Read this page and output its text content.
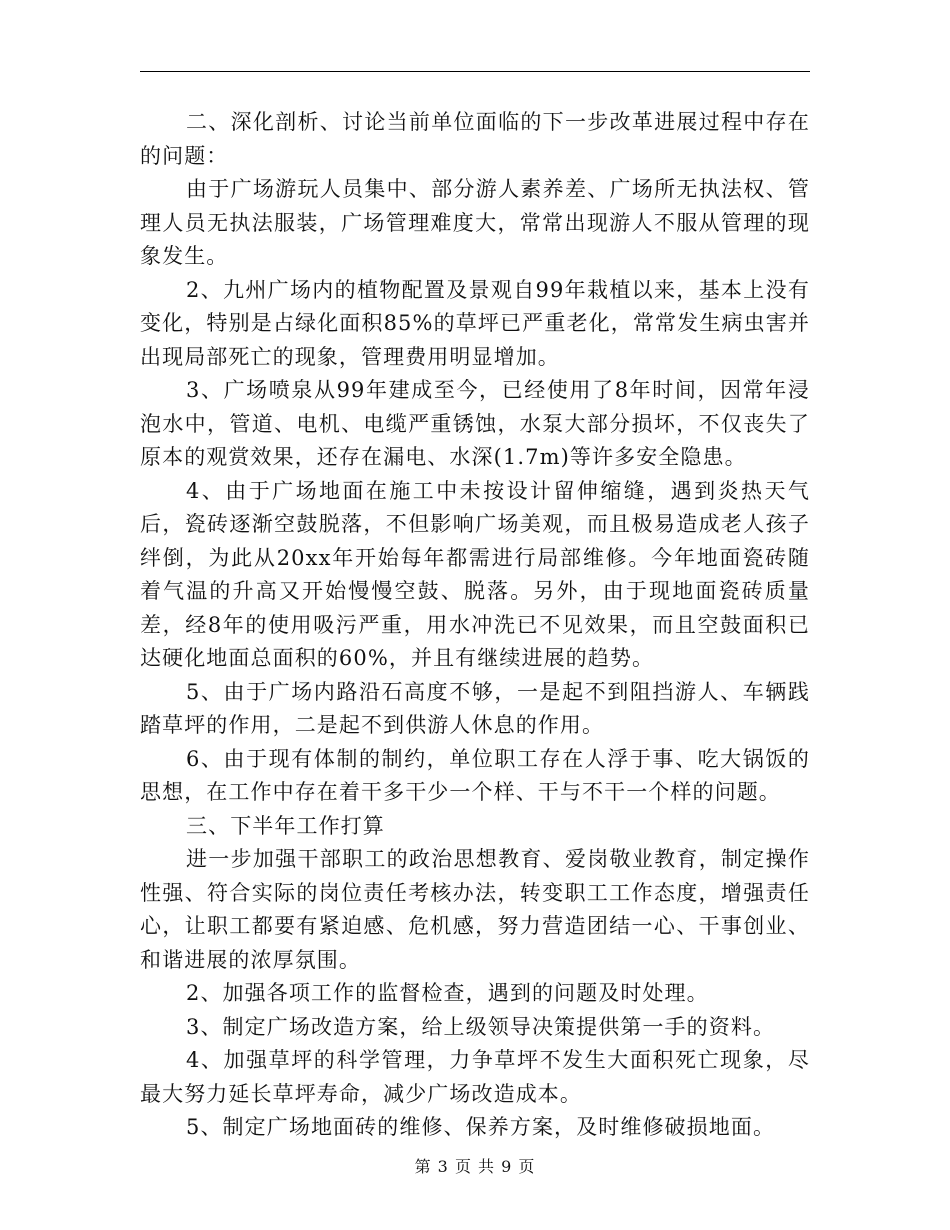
二、深化剖析、讨论当前单位面临的下一步改革进展过程中存在的问题：

由于广场游玩人员集中、部分游人素养差、广场所无执法权、管理人员无执法服装，广场管理难度大，常常出现游人不服从管理的现象发生。

2、九州广场内的植物配置及景观自99年栽植以来，基本上没有变化，特别是占绿化面积85%的草坪已严重老化，常常发生病虫害并出现局部死亡的现象，管理费用明显增加。

3、广场喷泉从99年建成至今，已经使用了8年时间，因常年浸泡水中，管道、电机、电缆严重锈蚀，水泵大部分损坏，不仅丧失了原本的观赏效果，还存在漏电、水深(1.7m)等许多安全隐患。

4、由于广场地面在施工中未按设计留伸缩缝，遇到炎热天气后，瓷砖逐渐空鼓脱落，不但影响广场美观，而且极易造成老人孩子绊倒，为此从20xx年开始每年都需进行局部维修。今年地面瓷砖随着气温的升高又开始慢慢空鼓、脱落。另外，由于现地面瓷砖质量差，经8年的使用吸污严重，用水冲洗已不见效果，而且空鼓面积已达硬化地面总面积的60%，并且有继续进展的趋势。

5、由于广场内路沿石高度不够，一是起不到阻挡游人、车辆践踏草坪的作用，二是起不到供游人休息的作用。

6、由于现有体制的制约，单位职工存在人浮于事、吃大锅饭的思想，在工作中存在着干多干少一个样、干与不干一个样的问题。

三、下半年工作打算

进一步加强干部职工的政治思想教育、爱岗敬业教育，制定操作性强、符合实际的岗位责任考核办法，转变职工工作态度，增强责任心，让职工都要有紧迫感、危机感，努力营造团结一心、干事创业、和谐进展的浓厚氛围。

2、加强各项工作的监督检查，遇到的问题及时处理。

3、制定广场改造方案，给上级领导决策提供第一手的资料。

4、加强草坪的科学管理，力争草坪不发生大面积死亡现象，尽最大努力延长草坪寿命，减少广场改造成本。

5、制定广场地面砖的维修、保养方案，及时维修破损地面。

第 3 页 共 9 页
